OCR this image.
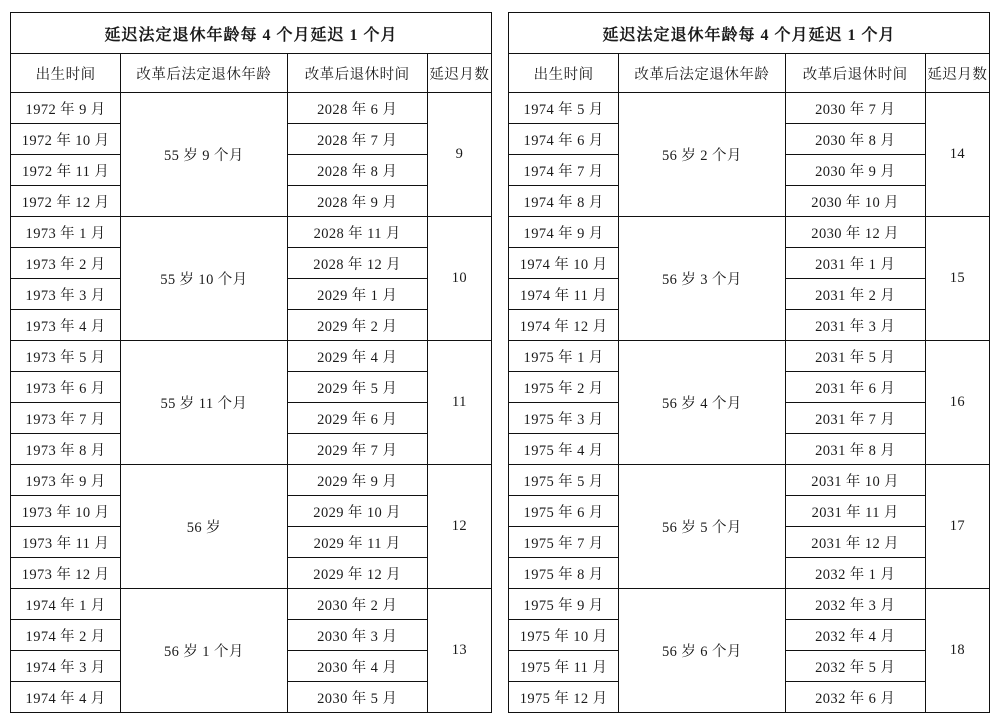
延迟法定退休年龄每 4 个月延迟 1 个月			
出生时间	改革后法定退休年龄	改革后退休时间	延迟月数
1972 年 9 月	55 岁 9 个月	2028 年 6 月	9
1972 年 10 月		2028 年 7 月	
1972 年 11 月		2028 年 8 月	
1972 年 12 月		2028 年 9 月	
1973 年 1 月	55 岁 10 个月	2028 年 11 月	10
1973 年 2 月		2028 年 12 月	
1973 年 3 月		2029 年 1 月	
1973 年 4 月		2029 年 2 月	
1973 年 5 月	55 岁 11 个月	2029 年 4 月	11
1973 年 6 月		2029 年 5 月	
1973 年 7 月		2029 年 6 月	
1973 年 8 月		2029 年 7 月	
1973 年 9 月	56 岁	2029 年 9 月	12
1973 年 10 月		2029 年 10 月	
1973 年 11 月		2029 年 11 月	
1973 年 12 月		2029 年 12 月	
1974 年 1 月	56 岁 1 个月	2030 年 2 月	13
1974 年 2 月		2030 年 3 月	
1974 年 3 月		2030 年 4 月	
1974 年 4 月		2030 年 5 月	
延迟法定退休年龄每 4 个月延迟 1 个月			
出生时间	改革后法定退休年龄	改革后退休时间	延迟月数
1974 年 5 月	56 岁 2 个月	2030 年 7 月	14
1974 年 6 月		2030 年 8 月	
1974 年 7 月		2030 年 9 月	
1974 年 8 月		2030 年 10 月	
1974 年 9 月	56 岁 3 个月	2030 年 12 月	15
1974 年 10 月		2031 年 1 月	
1974 年 11 月		2031 年 2 月	
1974 年 12 月		2031 年 3 月	
1975 年 1 月	56 岁 4 个月	2031 年 5 月	16
1975 年 2 月		2031 年 6 月	
1975 年 3 月		2031 年 7 月	
1975 年 4 月		2031 年 8 月	
1975 年 5 月	56 岁 5 个月	2031 年 10 月	17
1975 年 6 月		2031 年 11 月	
1975 年 7 月		2031 年 12 月	
1975 年 8 月		2032 年 1 月	
1975 年 9 月	56 岁 6 个月	2032 年 3 月	18
1975 年 10 月		2032 年 4 月	
1975 年 11 月		2032 年 5 月	
1975 年 12 月		2032 年 6 月	
